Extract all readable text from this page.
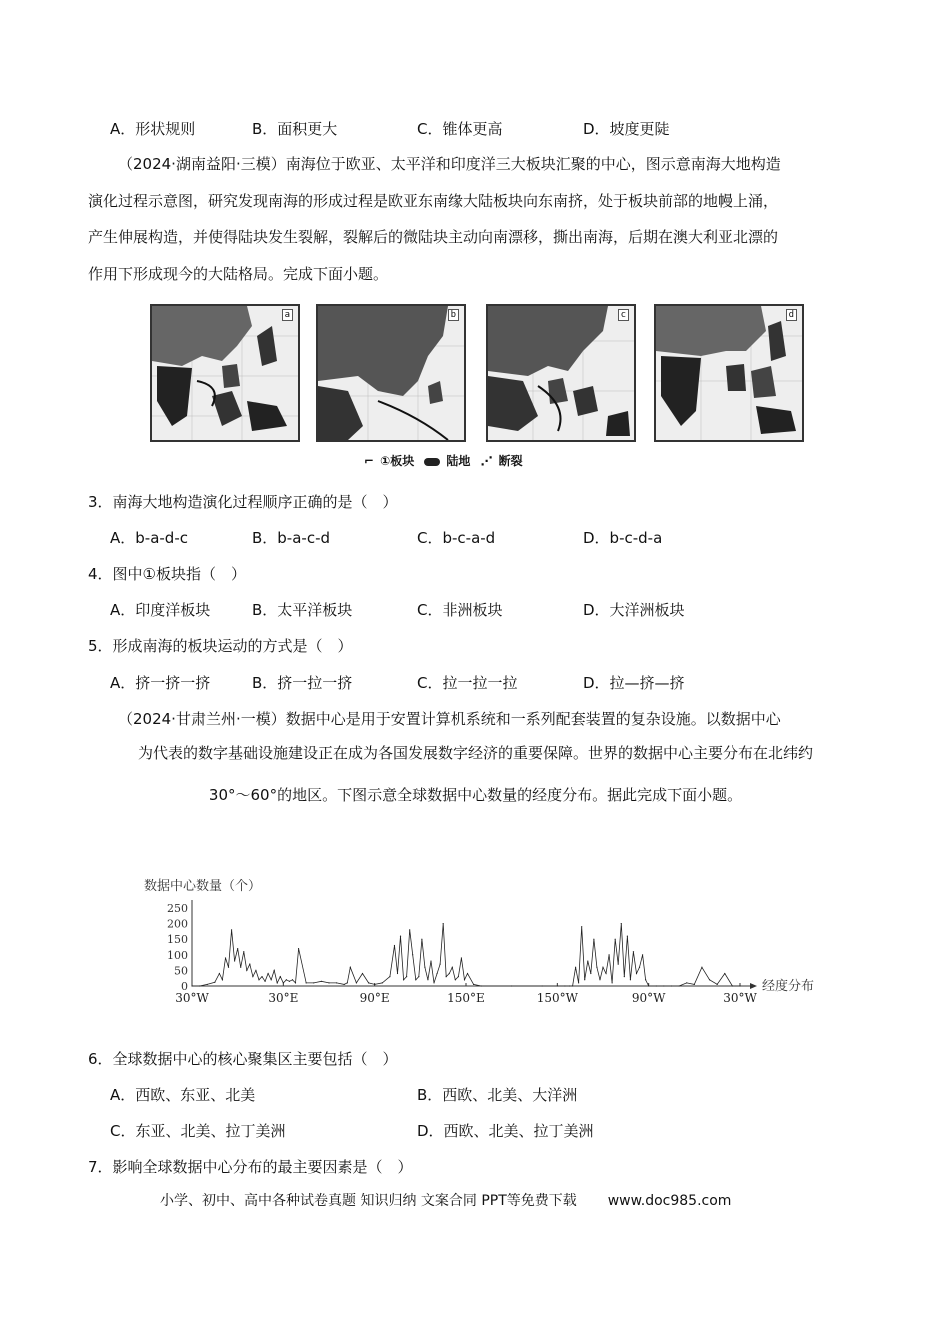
A．形状规则	B．面积更大	C．锥体更高	D．坡度更陡
（2024·湖南益阳·三模）南海位于欧亚、太平洋和印度洋三大板块汇聚的中心，图示意南海大地构造
演化过程示意图，研究发现南海的形成过程是欧亚东南缘大陆板块向东南挤，处于板块前部的地幔上涌，
产生伸展构造，并使得陆块发生裂解，裂解后的微陆块主动向南漂移，撕出南海，后期在澳大利亚北漂的
作用下形成现今的大陆格局。完成下面小题。
a	b	c	d
⌐ ①板块	陆地 ⋰ 断裂
3．南海大地构造演化过程顺序正确的是（　）
A．b-a-d-c	B．b-a-c-d	C．b-c-a-d	D．b-c-d-a
4．图中①板块指（　）
A．印度洋板块	B．太平洋板块	C．非洲板块	D．大洋洲板块
5．形成南海的板块运动的方式是（　）
A．挤一挤一挤	B．挤一拉一挤	C．拉一拉一拉	D．拉—挤—挤
（2024·甘肃兰州·一模）数据中心是用于安置计算机系统和一系列配套装置的复杂设施。以数据中心
为代表的数字基础设施建设正在成为各国发展数字经济的重要保障。世界的数据中心主要分布在北纬约
30°～60°的地区。下图示意全球数据中心数量的经度分布。据此完成下面小题。
数据中心数量（个）
250
200
150
100
50
0
30°W	30°E	90°E	150°E	150°W	90°W	30°W
经度分布
6．全球数据中心的核心聚集区主要包括（　）
A．西欧、东亚、北美	B．西欧、北美、大洋洲
C．东亚、北美、拉丁美洲	D．西欧、北美、拉丁美洲
7．影响全球数据中心分布的最主要因素是（　）
小学、初中、高中各种试卷真题 知识归纳 文案合同 PPT等免费下载 www.doc985.com
